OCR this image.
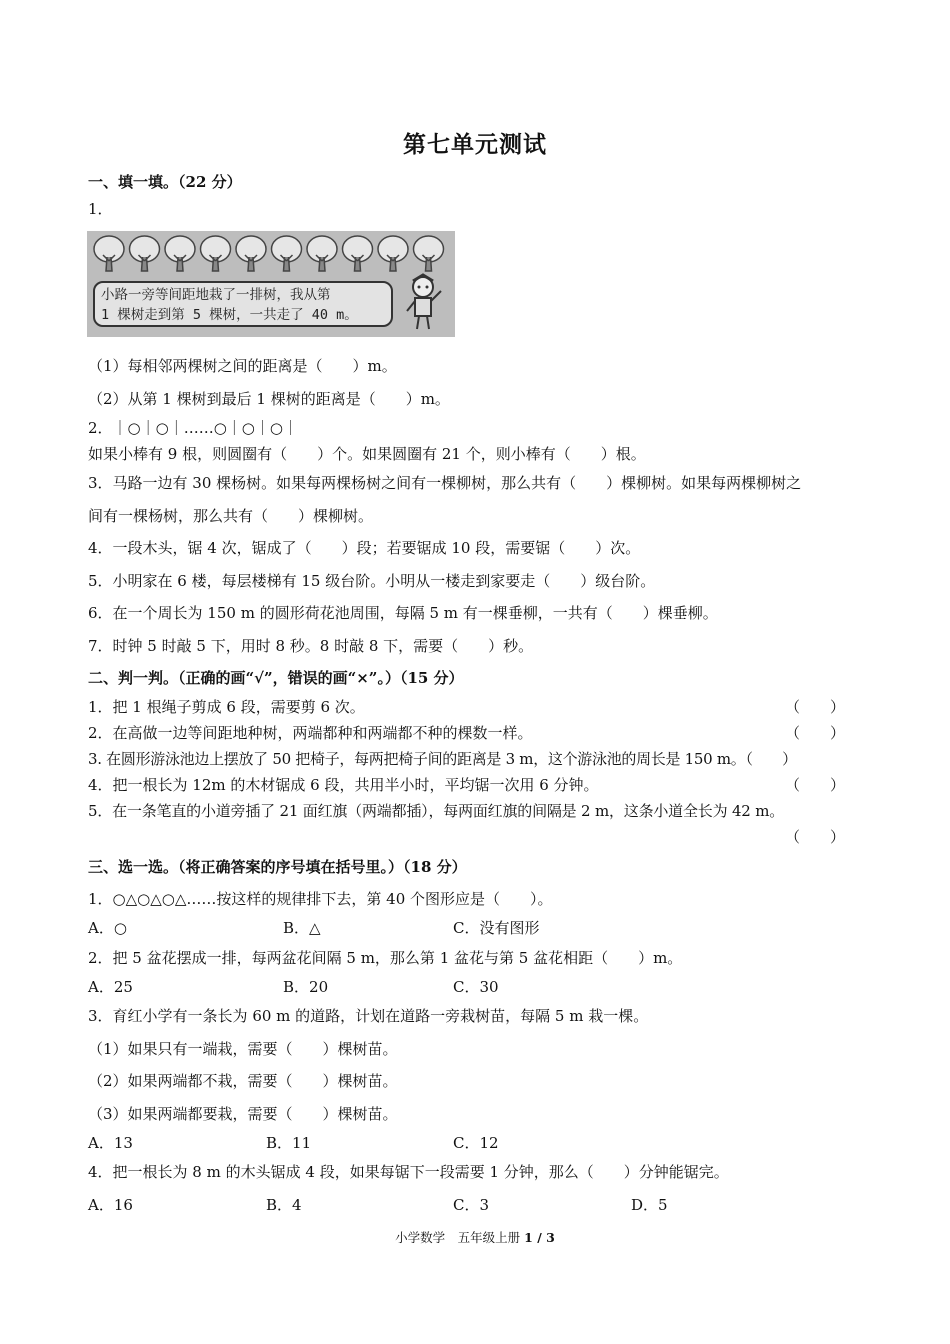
第七单元测试
一、填一填。（22 分）
1．
小路一旁等间距地栽了一排树，我从第
1 棵树走到第 5 棵树，一共走了 40 m。
（1）每相邻两棵树之间的距离是（　　）m。
（2）从第 1 棵树到最后 1 棵树的距离是（　　）m。
2．｜○｜○｜……○｜○｜○｜
如果小棒有 9 根，则圆圈有（　　）个。如果圆圈有 21 个，则小棒有（　　）根。
3．马路一边有 30 棵杨树。如果每两棵杨树之间有一棵柳树，那么共有（　　）棵柳树。如果每两棵柳树之
间有一棵杨树，那么共有（　　）棵柳树。
4．一段木头，锯 4 次，锯成了（　　）段；若要锯成 10 段，需要锯（　　）次。
5．小明家在 6 楼，每层楼梯有 15 级台阶。小明从一楼走到家要走（　　）级台阶。
6．在一个周长为 150 m 的圆形荷花池周围，每隔 5 m 有一棵垂柳，一共有（　　）棵垂柳。
7．时钟 5 时敲 5 下，用时 8 秒。8 时敲 8 下，需要（　　）秒。
二、判一判。（正确的画“√”，错误的画“×”。）（15 分）
1．把 1 根绳子剪成 6 段，需要剪 6 次。	（　　）
2．在高做一边等间距地种树，两端都种和两端都不种的棵数一样。	（　　）
3. 在圆形游泳池边上摆放了 50 把椅子，每两把椅子间的距离是 3 m，这个游泳池的周长是 150 m。（　　）
4．把一根长为 12m 的木材锯成 6 段，共用半小时，平均锯一次用 6 分钟。	（　　）
5．在一条笔直的小道旁插了 21 面红旗（两端都插），每两面红旗的间隔是 2 m，这条小道全长为 42 m。
（　　）
三、选一选。（将正确答案的序号填在括号里。）（18 分）
1．○△○△○△……按这样的规律排下去，第 40 个图形应是（　　）。
A．○	B．△	C．没有图形
2．把 5 盆花摆成一排，每两盆花间隔 5 m，那么第 1 盆花与第 5 盆花相距（　　）m。
A．25	B．20	C．30
3．育红小学有一条长为 60 m 的道路，计划在道路一旁栽树苗，每隔 5 m 栽一棵。
（1）如果只有一端栽，需要（　　）棵树苗。
（2）如果两端都不栽，需要（　　）棵树苗。
（3）如果两端都要栽，需要（　　）棵树苗。
A．13	B．11	C．12
4．把一根长为 8 m 的木头锯成 4 段，如果每锯下一段需要 1 分钟，那么（　　）分钟能锯完。
A．16	B．4	C．3	D．5
小学数学　五年级上册 1 / 3
